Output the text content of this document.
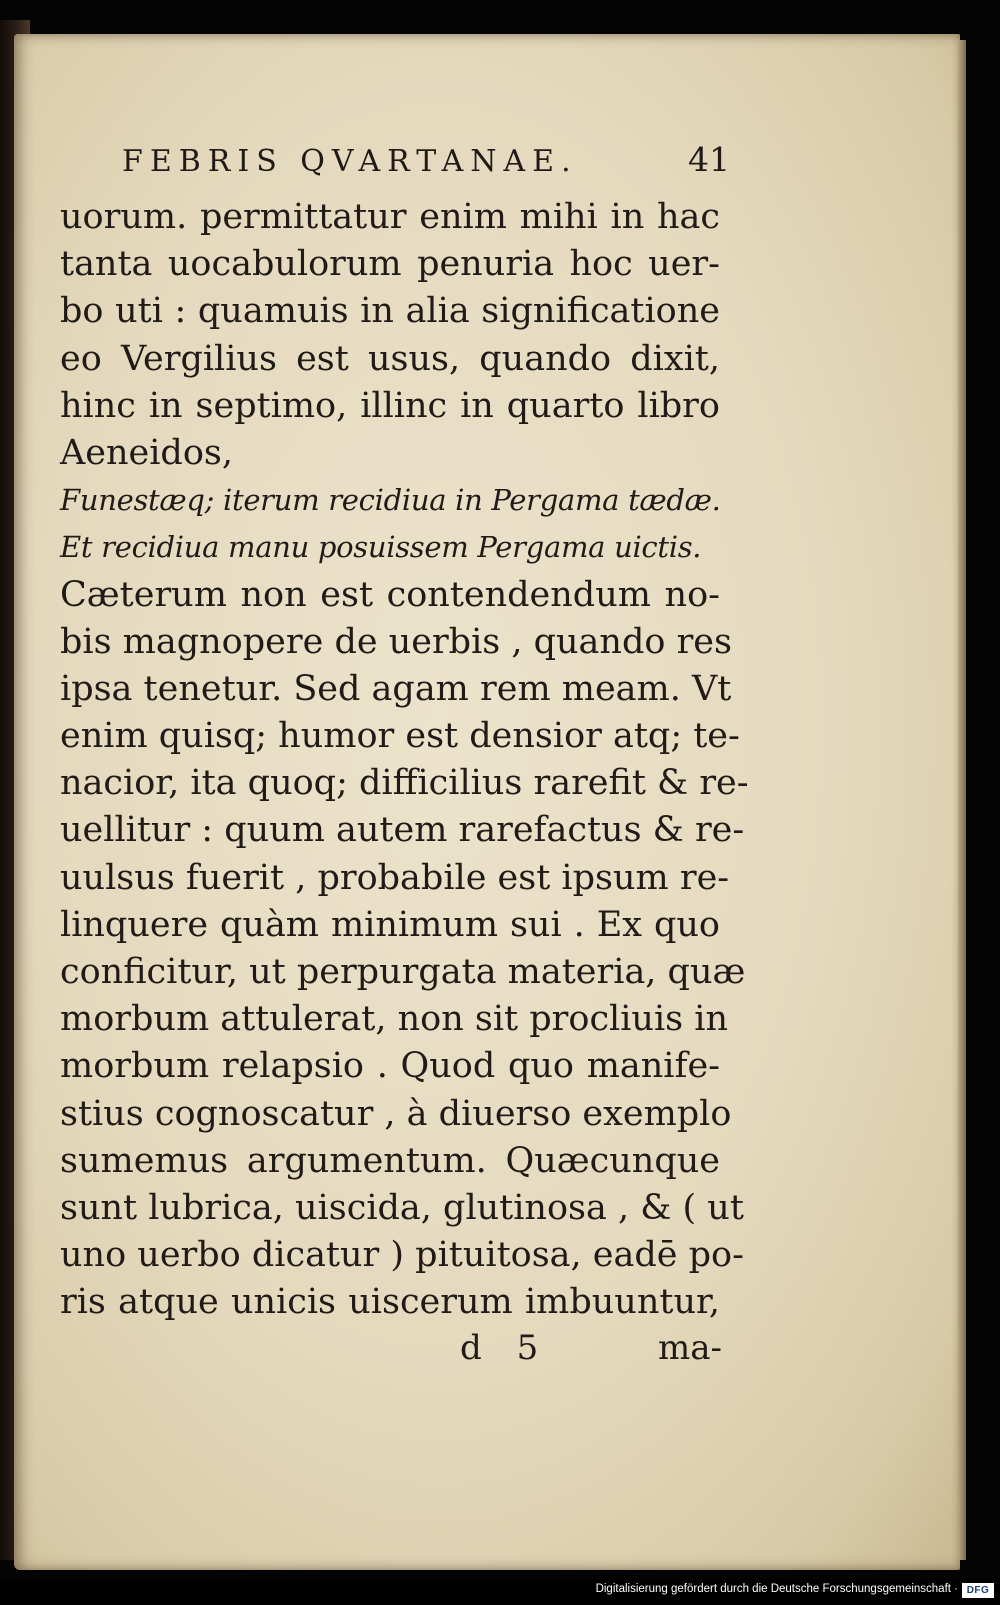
FEBRIS QVARTANAE.	41
uorum. permittatur enim mihi in hac
tanta uocabulorum penuria hoc uer-
bo uti : quamuis in alia significatione
eo Vergilius est usus, quando dixit,
hinc in septimo, illinc in quarto libro
Aeneidos,
Funestæq; iterum recidiua in Pergama tædæ.
Et recidiua manu posuissem Pergama uictis.
Cæterum non est contendendum no-
bis magnopere de uerbis , quando res
ipsa tenetur. Sed agam rem meam. Vt
enim quisq; humor est densior atq; te-
nacior, ita quoq; difficilius rarefit & re-
uellitur : quum autem rarefactus & re-
uulsus fuerit , probabile est ipsum re-
linquere quàm minimum sui . Ex quo
conficitur, ut perpurgata materia, quæ
morbum attulerat, non sit procliuis in
morbum relapsio . Quod quo manife-
stius cognoscatur , à diuerso exemplo
sumemus argumentum. Quæcunque
sunt lubrica, uiscida, glutinosa , & ( ut
uno uerbo dicatur ) pituitosa, eadē po-
ris atque unicis uiscerum imbuuntur,
d 5	ma-
Digitalisierung gefördert durch die Deutsche Forschungsgemeinschaft · DFG
